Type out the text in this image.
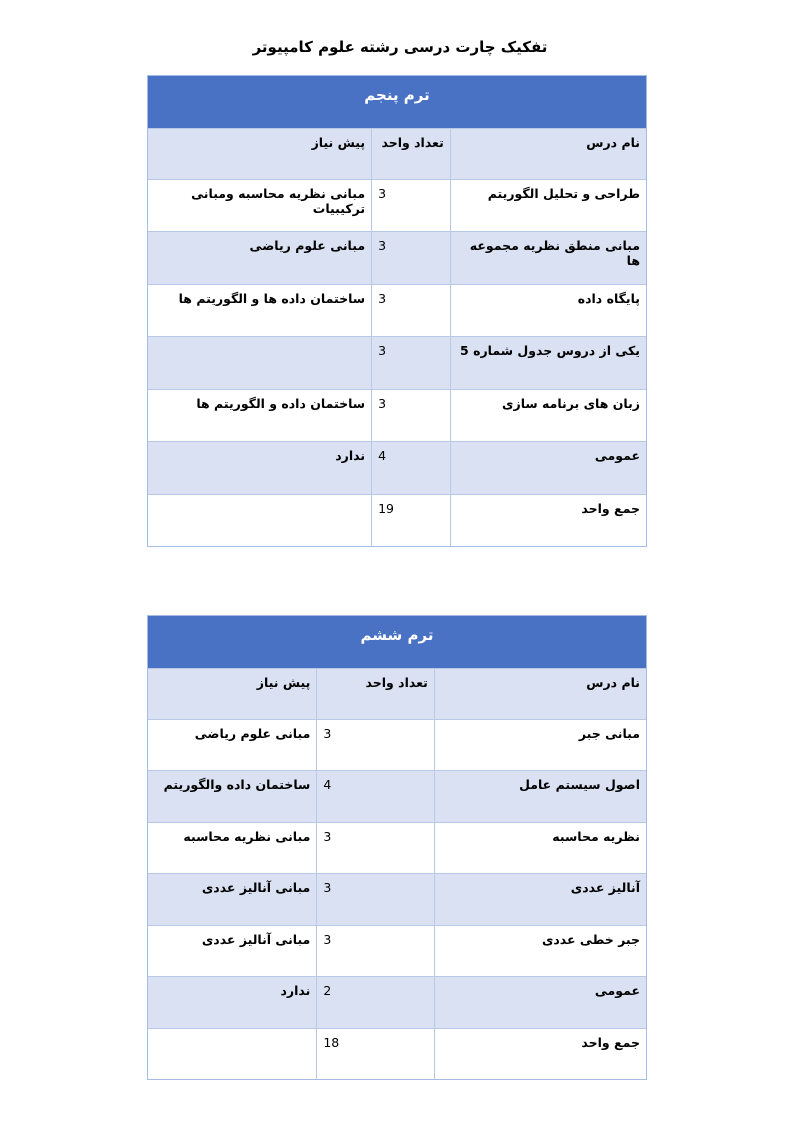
تفکیک چارت درسی رشته علوم کامپیوتر
ترم پنجم
نام درس
تعداد واحد
پیش نیاز
طراحی و تحلیل الگوریتم
3
مبانی نظریه محاسبه ومبانی ترکیبیات
مبانی منطق نظریه مجموعه ها
3
مبانی علوم ریاضی
پایگاه داده
3
ساختمان داده ها و الگوریتم ها
یکی از دروس جدول شماره 5
3
زبان های برنامه سازی
3
ساختمان داده و الگوریتم ها
عمومی
4
ندارد
جمع واحد
19
ترم ششم
نام درس
تعداد واحد
پیش نیاز
مبانی جبر
3
مبانی علوم ریاضی
اصول سیستم عامل
4
ساختمان داده والگوریتم
نظریه محاسبه
3
مبانی نظریه محاسبه
آنالیز عددی
3
مبانی آنالیز عددی
جبر خطی عددی
3
مبانی آنالیز عددی
عمومی
2
ندارد
جمع واحد
18
